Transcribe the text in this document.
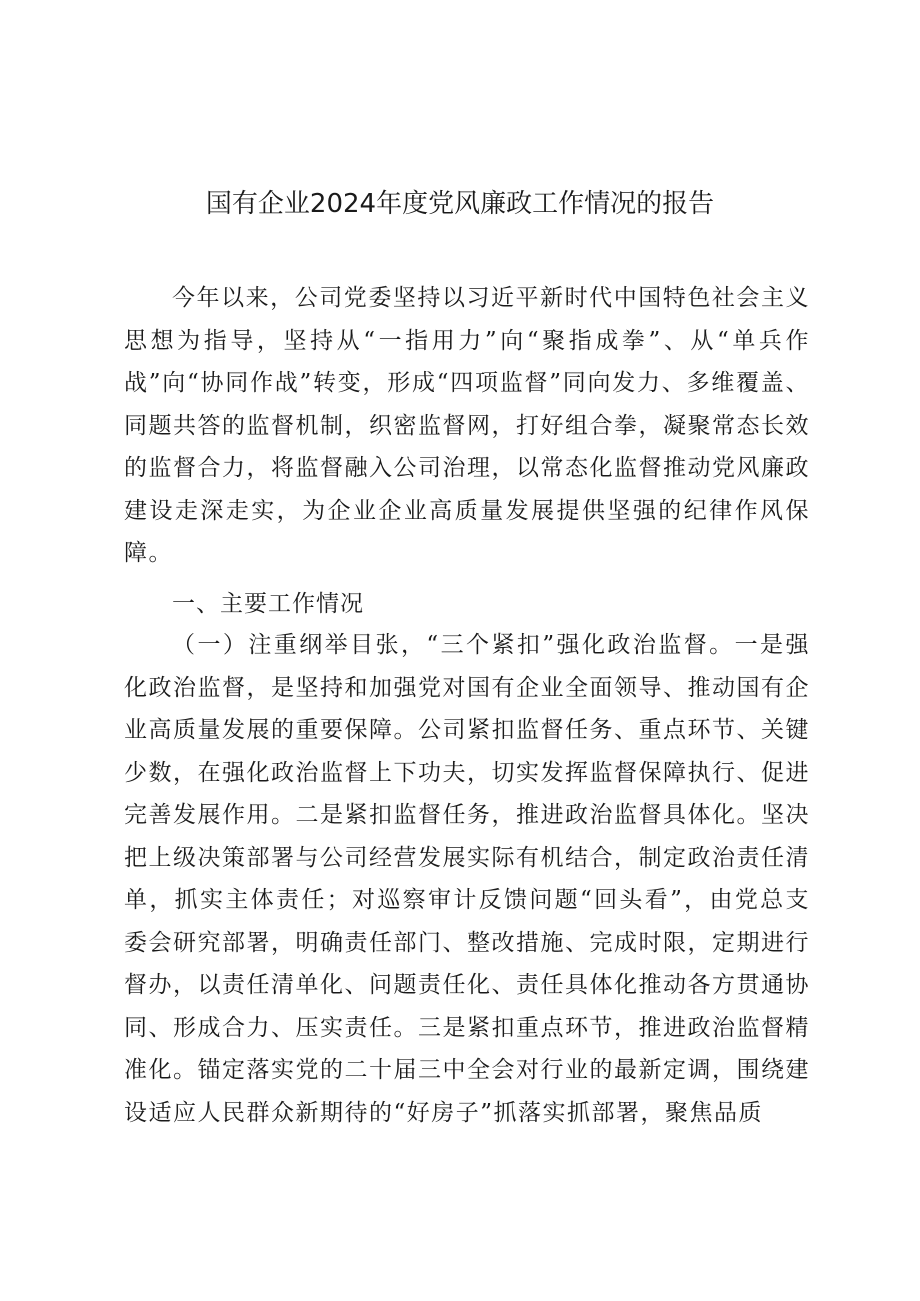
国有企业2024年度党风廉政工作情况的报告

今年以来，公司党委坚持以习近平新时代中国特色社会主义思想为指导，坚持从“一指用力”向“聚指成拳”、从“单兵作战”向“协同作战”转变，形成“四项监督”同向发力、多维覆盖、同题共答的监督机制，织密监督网，打好组合拳，凝聚常态长效的监督合力，将监督融入公司治理，以常态化监督推动党风廉政建设走深走实，为企业企业高质量发展提供坚强的纪律作风保障。

一、主要工作情况

（一）注重纲举目张，“三个紧扣”强化政治监督。一是强化政治监督，是坚持和加强党对国有企业全面领导、推动国有企业高质量发展的重要保障。公司紧扣监督任务、重点环节、关键少数，在强化政治监督上下功夫，切实发挥监督保障执行、促进完善发展作用。二是紧扣监督任务，推进政治监督具体化。坚决把上级决策部署与公司经营发展实际有机结合，制定政治责任清单，抓实主体责任；对巡察审计反馈问题“回头看”，由党总支委会研究部署，明确责任部门、整改措施、完成时限，定期进行督办，以责任清单化、问题责任化、责任具体化推动各方贯通协同、形成合力、压实责任。三是紧扣重点环节，推进政治监督精准化。锚定落实党的二十届三中全会对行业的最新定调，围绕建设适应人民群众新期待的“好房子”抓落实抓部署，聚焦品质
